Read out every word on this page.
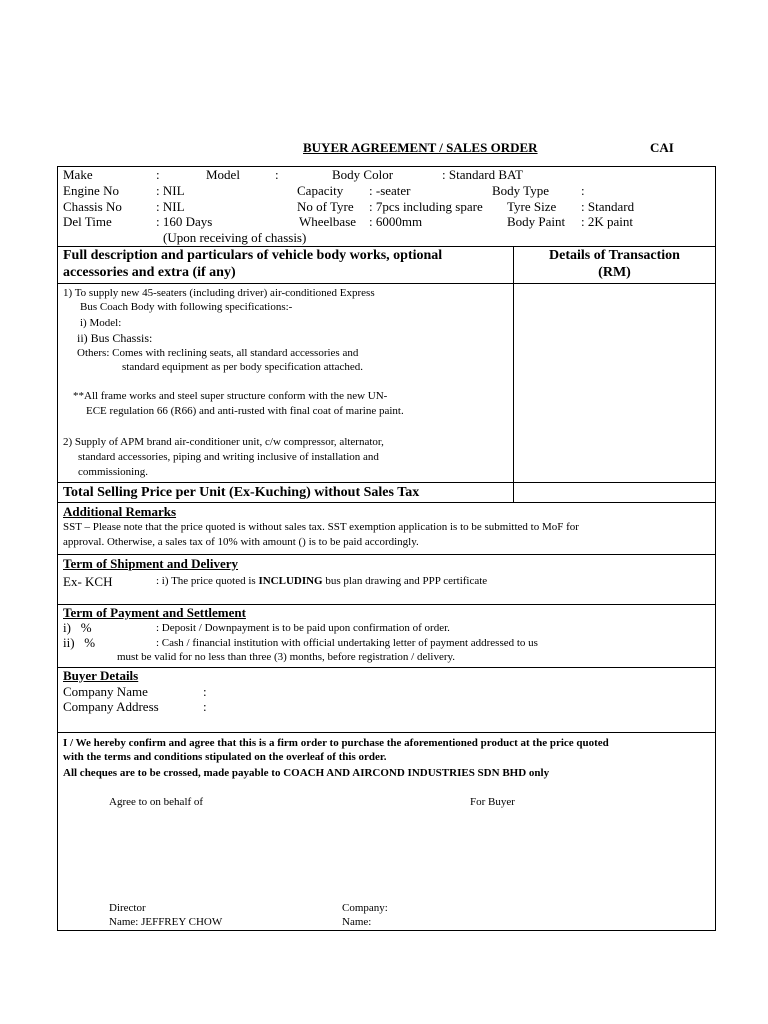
BUYER AGREEMENT / SALES ORDER	CAI
Make	:	Model	:	Body Color	: Standard BAT
Engine No	: NIL	Capacity : -seater	Body Type :
Chassis No	: NIL	No of Tyre : 7pcs including spare Tyre Size : Standard
Del Time	: 160 Days	Wheelbase : 6000mm	Body Paint : 2K paint
(Upon receiving of chassis)
Full description and particulars of vehicle body works, optional
accessories and extra (if any)
Details of Transaction
(RM)
1) To supply new 45-seaters (including driver) air-conditioned Express
Bus Coach Body with following specifications:-
i) Model:
ii) Bus Chassis:
Others: Comes with reclining seats, all standard accessories and
standard equipment as per body specification attached.
**All frame works and steel super structure conform with the new UN-
ECE regulation 66 (R66) and anti-rusted with final coat of marine paint.
2) Supply of APM brand air-conditioner unit, c/w compressor, alternator,
standard accessories, piping and writing inclusive of installation and
commissioning.
Total Selling Price per Unit (Ex-Kuching) without Sales Tax
Additional Remarks
SST – Please note that the price quoted is without sales tax. SST exemption application is to be submitted to MoF for
approval. Otherwise, a sales tax of 10% with amount () is to be paid accordingly.
Term of Shipment and Delivery
Ex- KCH	: i) The price quoted is INCLUDING bus plan drawing and PPP certificate
Term of Payment and Settlement
i)   %	: Deposit / Downpayment is to be paid upon confirmation of order.
ii)   %	: Cash / financial institution with official undertaking letter of payment addressed to us
must be valid for no less than three (3) months, before registration / delivery.
Buyer Details
Company Name	:
Company Address	:
I / We hereby confirm and agree that this is a firm order to purchase the aforementioned product at the price quoted
with the terms and conditions stipulated on the overleaf of this order.
All cheques are to be crossed, made payable to COACH AND AIRCOND INDUSTRIES SDN BHD only
Agree to on behalf of	For Buyer
Director
Name: JEFFREY CHOW
Company:
Name:
